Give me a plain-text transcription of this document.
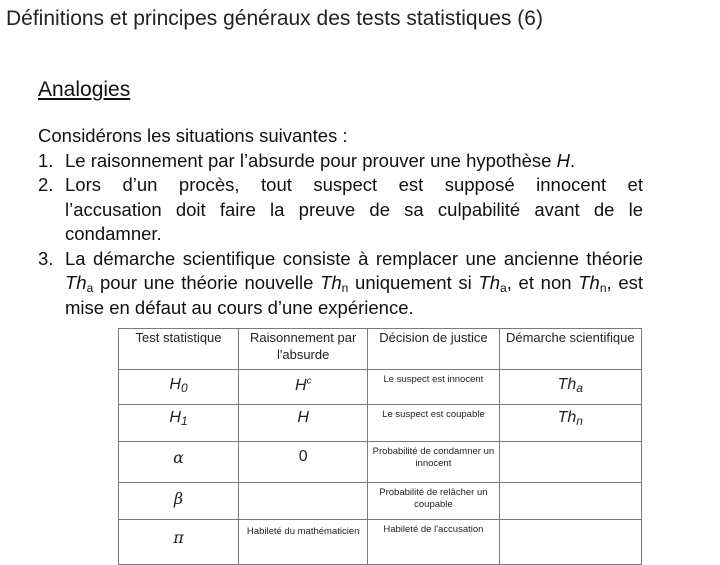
Définitions et principes généraux des tests statistiques (6)
Analogies

Considérons les situations suivantes :

1. Le raisonnement par l’absurde pour prouver une hypothèse H.
2. Lors d’un procès, tout suspect est supposé innocent et l’accusation doit faire la preuve de sa culpabilité avant de le condamner.
3. La démarche scientifique consiste à remplacer une ancienne théorie $Th_a$ pour une théorie nouvelle $Th_n$ uniquement si $Th_a$, et non $Th_n$, est mise en défaut au cours d’une expérience.
Test statistique	Raisonnement par l'absurde	Décision de justice	Démarche scientifique
$H_0$	$H^c$	Le suspect est innocent	$Th_a$
$H_1$	H	Le suspect est coupable	$Th_n$
α	0	Probabilité de condamner un innocent	
β		Probabilité de relâcher un coupable	
π	Habileté du mathématicien	Habileté de l'accusation	
